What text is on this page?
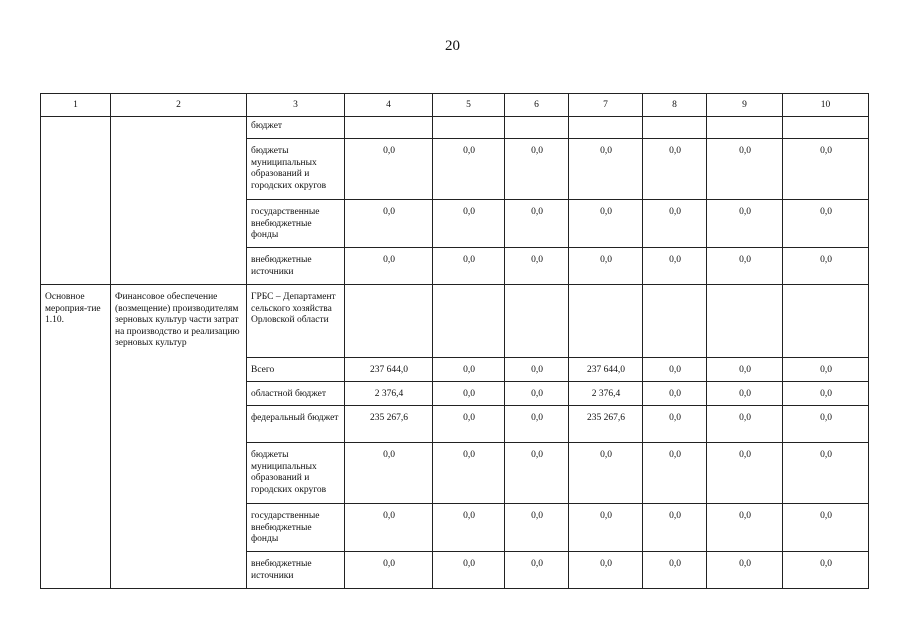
20
1	2	3	4	5	6	7	8	9	10
		бюджет							
		бюджеты муниципальных образований и городских округов	0,0	0,0	0,0	0,0	0,0	0,0	0,0
		государственные внебюджетные фонды	0,0	0,0	0,0	0,0	0,0	0,0	0,0
		внебюджетные источники	0,0	0,0	0,0	0,0	0,0	0,0	0,0
Основное мероприя-тие 1.10.	Финансовое обеспечение (возмещение) производителям зерновых культур части затрат на производство и реализацию зерновых культур	ГРБС – Департамент сельского хозяйства Орловской области							
		Всего	237 644,0	0,0	0,0	237 644,0	0,0	0,0	0,0
		областной бюджет	2 376,4	0,0	0,0	2 376,4	0,0	0,0	0,0
		федеральный бюджет	235 267,6	0,0	0,0	235 267,6	0,0	0,0	0,0
		бюджеты муниципальных образований и городских округов	0,0	0,0	0,0	0,0	0,0	0,0	0,0
		государственные внебюджетные фонды	0,0	0,0	0,0	0,0	0,0	0,0	0,0
		внебюджетные источники	0,0	0,0	0,0	0,0	0,0	0,0	0,0
